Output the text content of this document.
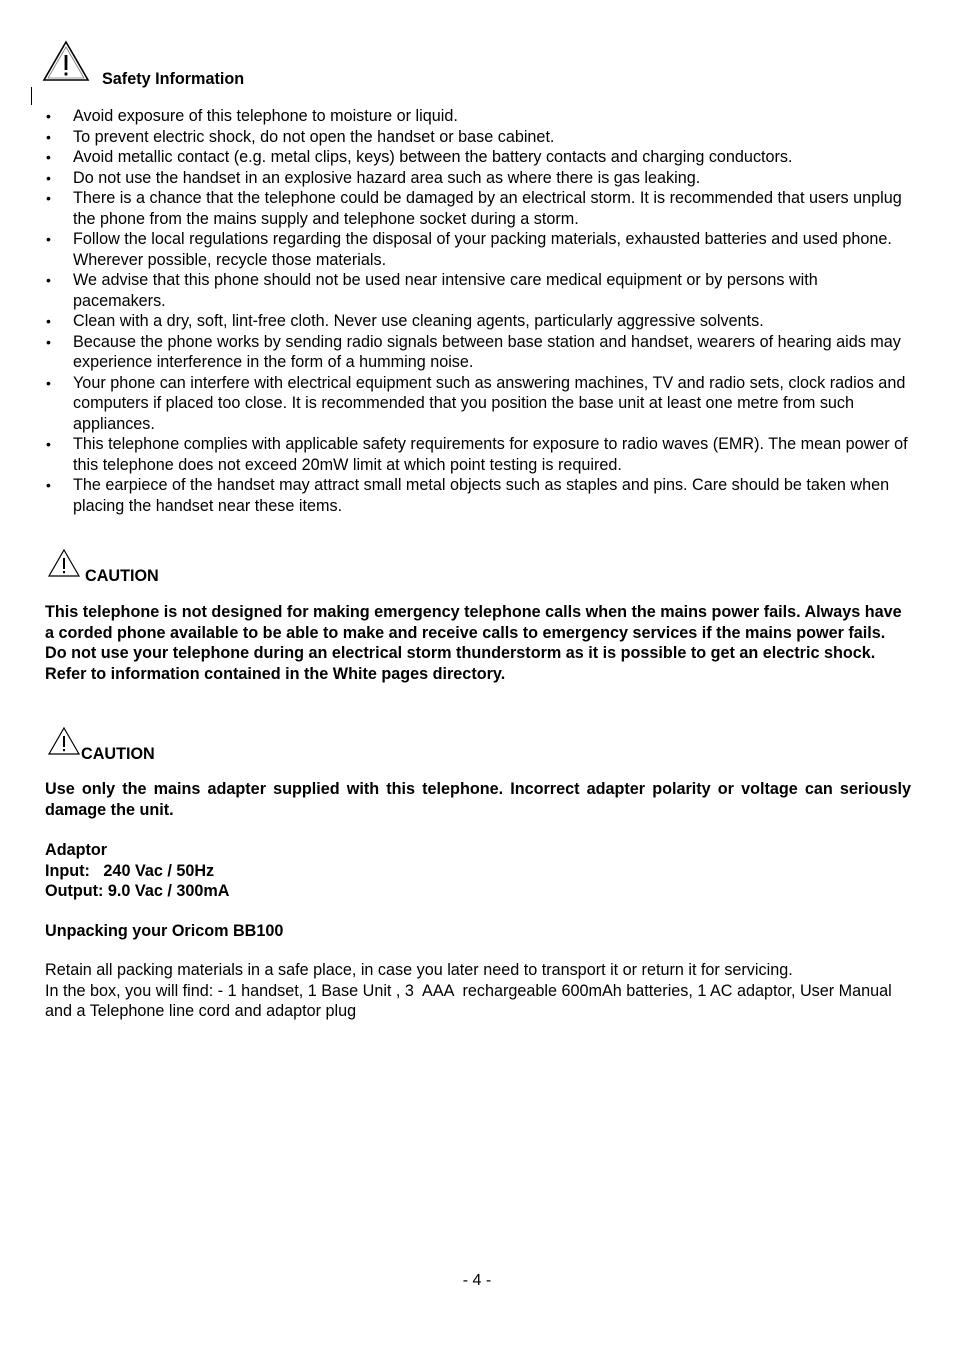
Safety Information
• Avoid exposure of this telephone to moisture or liquid.
• To prevent electric shock, do not open the handset or base cabinet.
• Avoid metallic contact (e.g. metal clips, keys) between the battery contacts and charging conductors.
• Do not use the handset in an explosive hazard area such as where there is gas leaking.
• There is a chance that the telephone could be damaged by an electrical storm. It is recommended that users unplug the phone from the mains supply and telephone socket during a storm.
• Follow the local regulations regarding the disposal of your packing materials, exhausted batteries and used phone. Wherever possible, recycle those materials.
• We advise that this phone should not be used near intensive care medical equipment or by persons with pacemakers.
• Clean with a dry, soft, lint-free cloth. Never use cleaning agents, particularly aggressive solvents.
• Because the phone works by sending radio signals between base station and handset, wearers of hearing aids may experience interference in the form of a humming noise.
• Your phone can interfere with electrical equipment such as answering machines, TV and radio sets, clock radios and computers if placed too close. It is recommended that you position the base unit at least one metre from such appliances.
• This telephone complies with applicable safety requirements for exposure to radio waves (EMR). The mean power of this telephone does not exceed 20mW limit at which point testing is required.
• The earpiece of the handset may attract small metal objects such as staples and pins. Care should be taken when placing the handset near these items.
CAUTION
This telephone is not designed for making emergency telephone calls when the mains power fails. Always have a corded phone available to be able to make and receive calls to emergency services if the mains power fails.
Do not use your telephone during an electrical storm thunderstorm as it is possible to get an electric shock. Refer to information contained in the White pages directory.
CAUTION
Use only the mains adapter supplied with this telephone. Incorrect adapter polarity or voltage can seriously damage the unit.
Adaptor
Input:   240 Vac / 50Hz
Output: 9.0 Vac / 300mA
Unpacking your Oricom BB100
Retain all packing materials in a safe place, in case you later need to transport it or return it for servicing.
In the box, you will find: - 1 handset, 1 Base Unit , 3  AAA  rechargeable 600mAh batteries, 1 AC adaptor, User Manual and a Telephone line cord and adaptor plug
- 4 -
